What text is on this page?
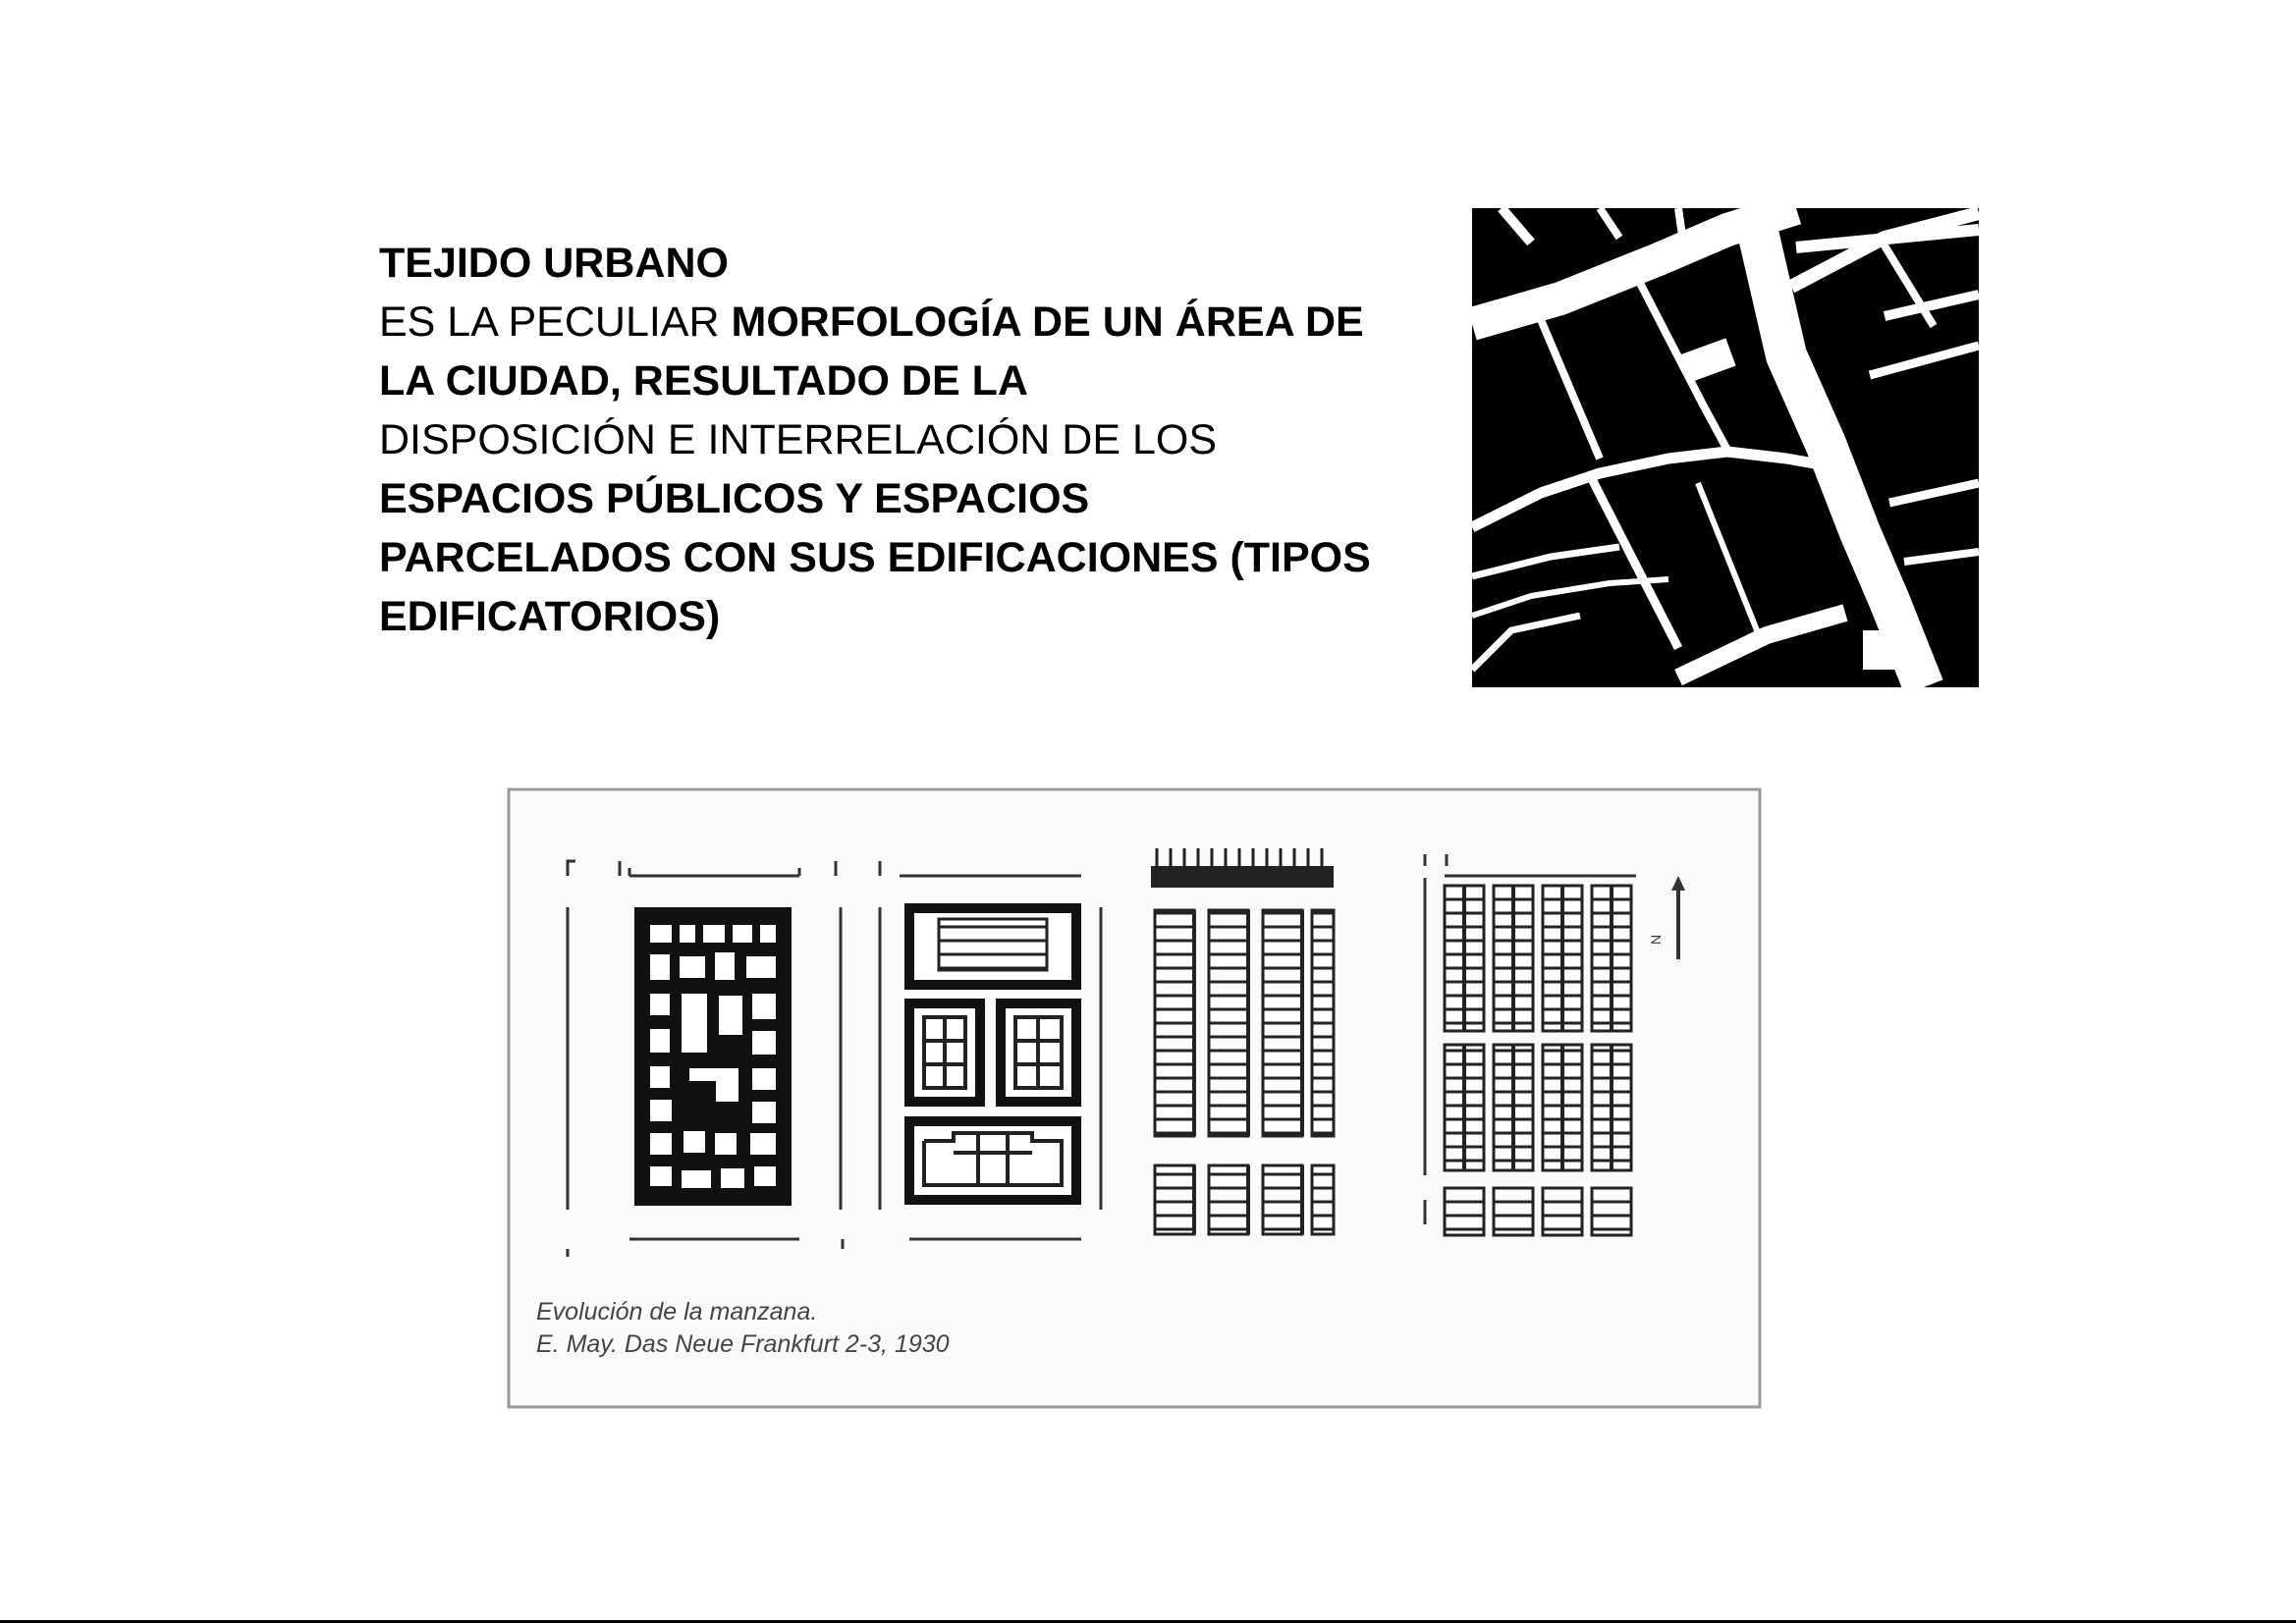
TEJIDO URBANO
ES LA PECULIAR MORFOLOGÍA DE UN ÁREA DE
LA CIUDAD, RESULTADO DE LA
DISPOSICIÓN E INTERRELACIÓN DE LOS
ESPACIOS PÚBLICOS Y ESPACIOS
PARCELADOS CON SUS EDIFICACIONES (TIPOS
EDIFICATORIOS)
N
Evolución de la manzana.
E. May. Das Neue Frankfurt 2-3, 1930
